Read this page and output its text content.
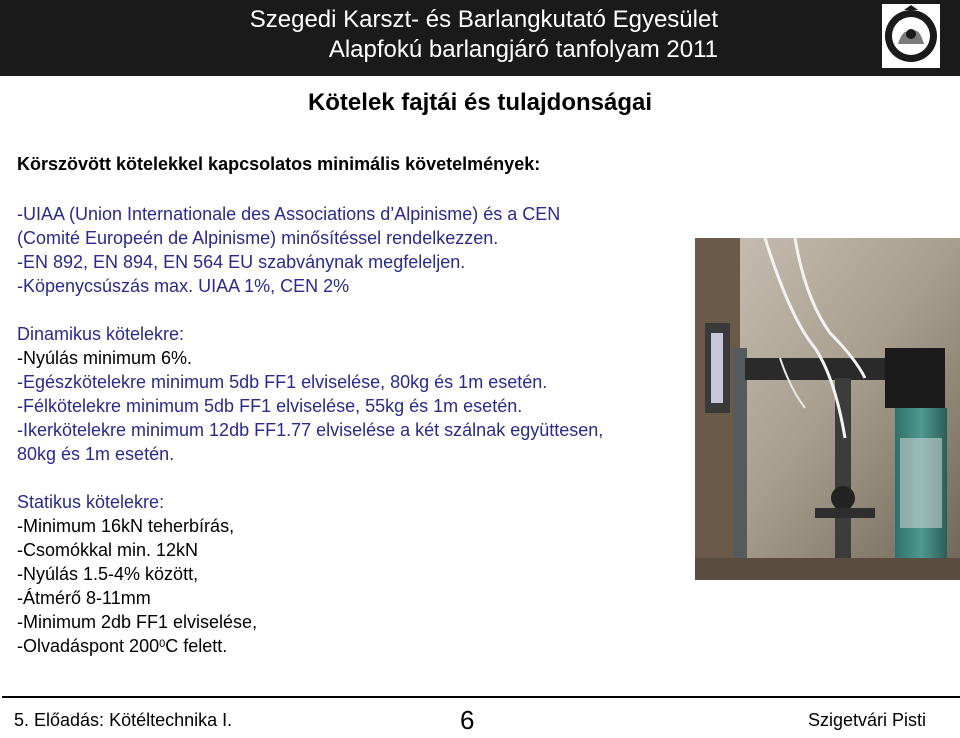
Szegedi Karszt- és Barlangkutató Egyesület
Alapfokú barlangjáró tanfolyam 2011
Kötelek fajtái és tulajdonságai
Körszövött kötelekkel kapcsolatos minimális követelmények:
-UIAA (Union Internationale des Associations d’Alpinisme) és a CEN
(Comité Europeén de Alpinisme) minősítéssel rendelkezzen.
-EN 892, EN 894, EN 564 EU szabványnak megfeleljen.
-Köpenycsúszás max. UIAA 1%, CEN 2%
Dinamikus kötelekre:
-Nyúlás minimum 6%.
-Egészkötelekre minimum 5db FF1 elviselése, 80kg és 1m esetén.
-Félkötelekre minimum 5db FF1 elviselése, 55kg és 1m esetén.
-Ikerkötelekre minimum 12db FF1.77 elviselése a két szálnak együttesen,
80kg és 1m esetén.
Statikus kötelekre:
-Minimum 16kN teherbírás,
-Csomókkal min. 12kN
-Nyúlás 1.5-4% között,
-Átmérő 8-11mm
-Minimum 2db FF1 elviselése,
-Olvadáspont $200^0C$ felett.
5. Előadás: Kötéltechnika I.	6	Szigetvári Pisti
